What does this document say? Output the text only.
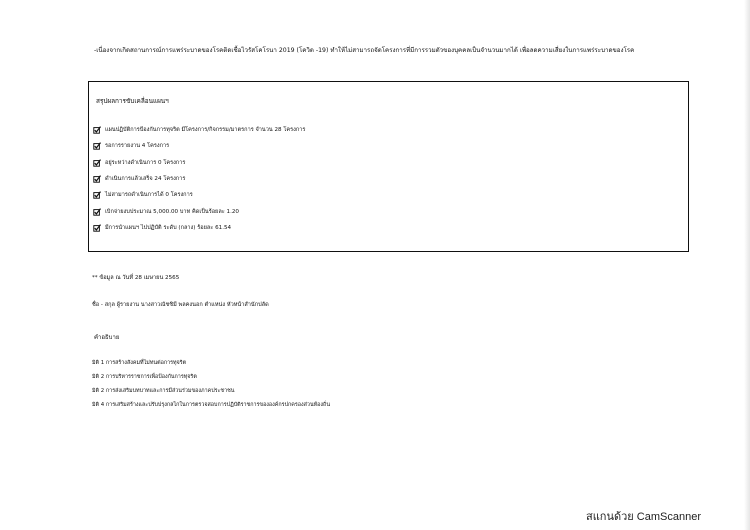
-เนื่องจากเกิดสถานการณ์การแพร่ระบาดของโรคติดเชื้อไวรัสโคโรนา 2019 (โควิด -19) ทำให้ไม่สามารถจัดโครงการที่มีการรวมตัวของบุคคลเป็นจำนวนมากได้ เพื่อลดความเสี่ยงในการแพร่ระบาดของโรค
สรุปผลการขับเคลื่อนแผนฯ
แผนปฏิบัติการป้องกันการทุจริต มีโครงการ/กิจกรรม/มาตรการ จำนวน 28 โครงการ
รอการรายงาน 4 โครงการ
อยู่ระหว่างดำเนินการ 0 โครงการ
ดำเนินการแล้วเสร็จ 24 โครงการ
ไม่สามารถดำเนินการได้ 0 โครงการ
เบิกจ่ายงบประมาณ 5,000.00 บาท คิดเป็นร้อยละ 1.20
มีการนำแผนฯ ไปปฏิบัติ ระดับ (กลาง) ร้อยละ 61.54
** ข้อมูล ณ วันที่ 28 เมษายน 2565
ชื่อ - สกุล ผู้รายงาน นางสาวณัชชิมี พลคงนอก ตำแหน่ง หัวหน้าสำนักปลัด
คำอธิบาย
มิติ 1 การสร้างสังคมที่ไม่ทนต่อการทุจริต
มิติ 2 การบริหารราชการเพื่อป้องกันการทุจริต
มิติ 2 การส่งเสริมบทบาทและการมีส่วนร่วมของภาคประชาชน
มิติ 4 การเสริมสร้างและปรับปรุงกลไกในการตรวจสอบการปฏิบัติราชการขององค์กรปกครองส่วนท้องถิ่น
สแกนด้วย CamScanner
